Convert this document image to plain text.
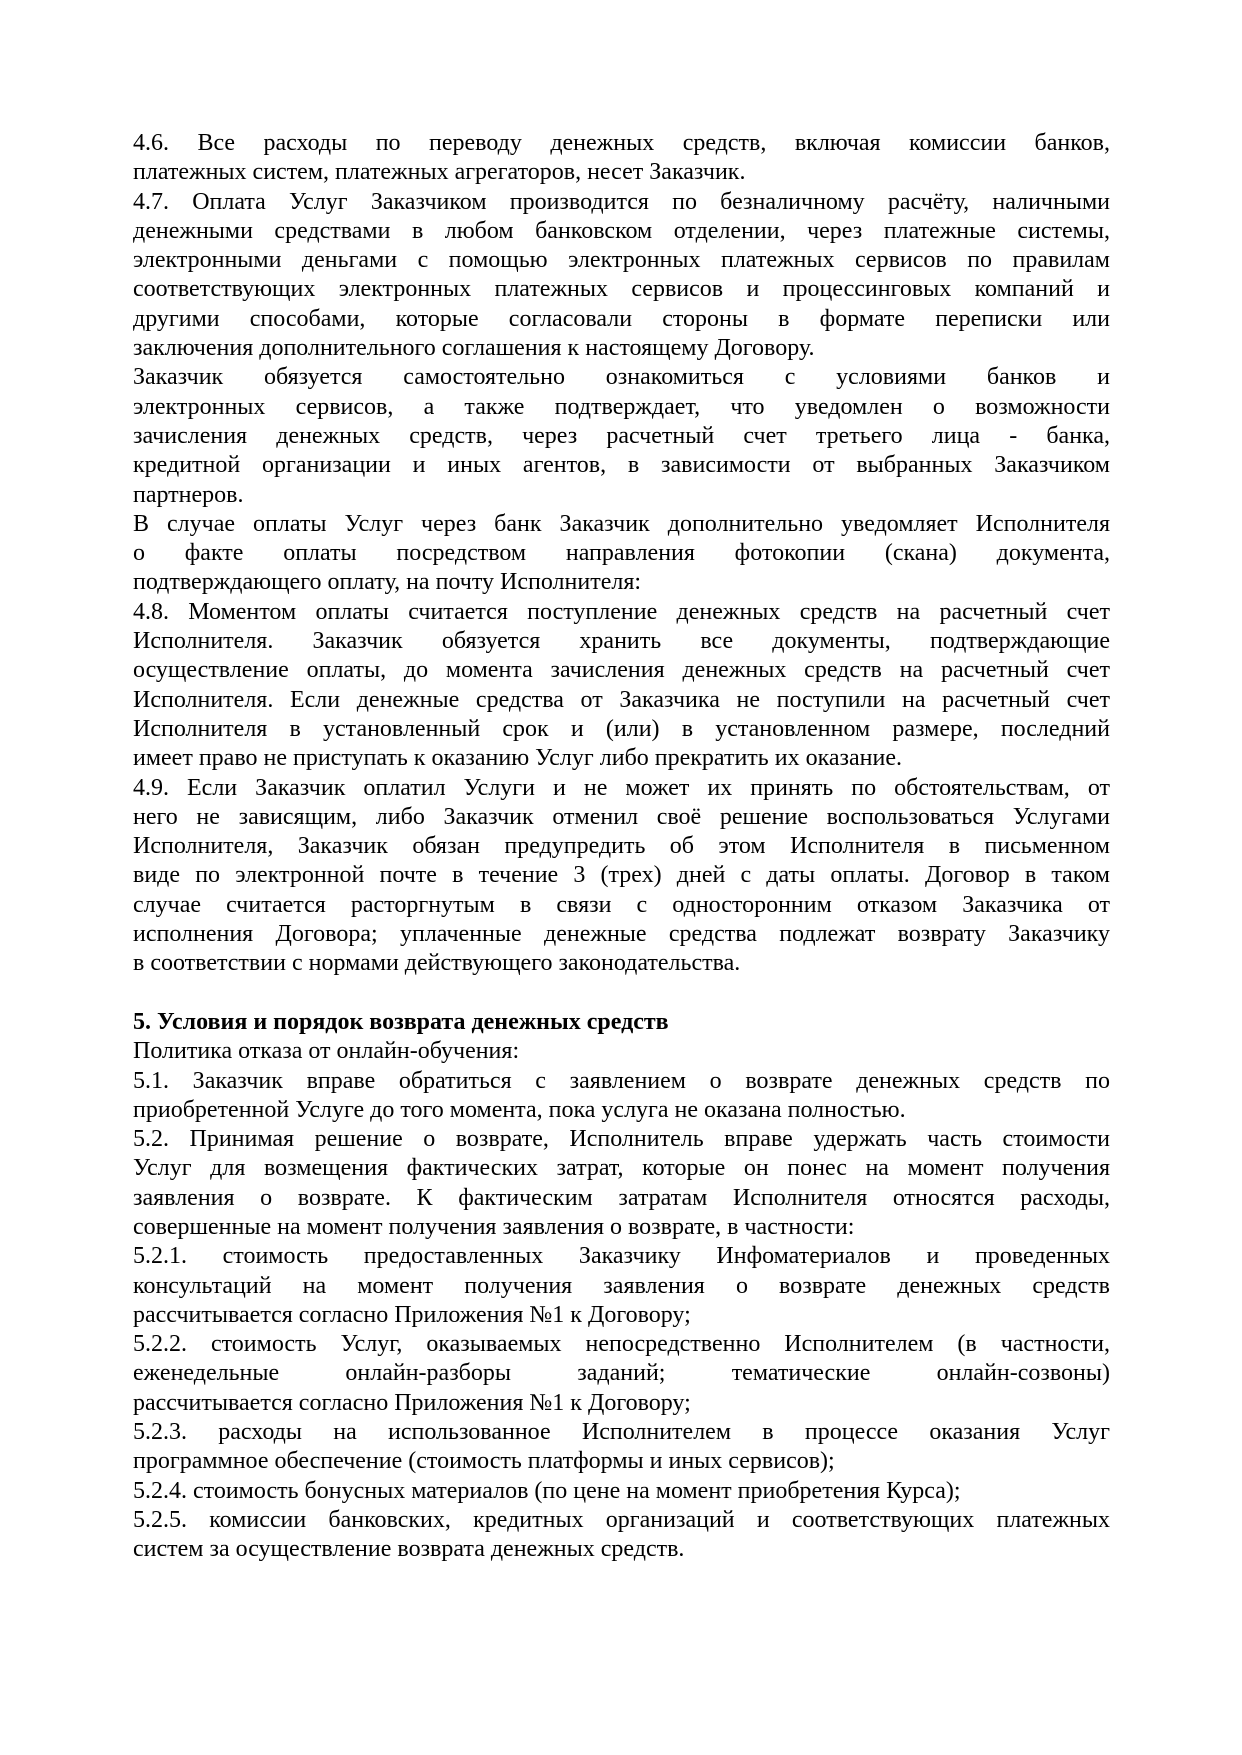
4.6. Все расходы по переводу денежных средств, включая комиссии банков,
платежных систем, платежных агрегаторов, несет Заказчик.
4.7. Оплата Услуг Заказчиком производится по безналичному расчёту, наличными
денежными средствами в любом банковском отделении, через платежные системы,
электронными деньгами с помощью электронных платежных сервисов по правилам
соответствующих электронных платежных сервисов и процессинговых компаний и
другими способами, которые согласовали стороны в формате переписки или
заключения дополнительного соглашения к настоящему Договору.
Заказчик обязуется самостоятельно ознакомиться с условиями банков и
электронных сервисов, а также подтверждает, что уведомлен о возможности
зачисления денежных средств, через расчетный счет третьего лица - банка,
кредитной организации и иных агентов, в зависимости от выбранных Заказчиком
партнеров.
В случае оплаты Услуг через банк Заказчик дополнительно уведомляет Исполнителя
о факте оплаты посредством направления фотокопии (скана) документа,
подтверждающего оплату, на почту Исполнителя:
4.8. Моментом оплаты считается поступление денежных средств на расчетный счет
Исполнителя. Заказчик обязуется хранить все документы, подтверждающие
осуществление оплаты, до момента зачисления денежных средств на расчетный счет
Исполнителя. Если денежные средства от Заказчика не поступили на расчетный счет
Исполнителя в установленный срок и (или) в установленном размере, последний
имеет право не приступать к оказанию Услуг либо прекратить их оказание.
4.9. Если Заказчик оплатил Услуги и не может их принять по обстоятельствам, от
него не зависящим, либо Заказчик отменил своё решение воспользоваться Услугами
Исполнителя, Заказчик обязан предупредить об этом Исполнителя в письменном
виде по электронной почте в течение 3 (трех) дней с даты оплаты. Договор в таком
случае считается расторгнутым в связи с односторонним отказом Заказчика от
исполнения Договора; уплаченные денежные средства подлежат возврату Заказчику
в соответствии с нормами действующего законодательства.
5. Условия и порядок возврата денежных средств
Политика отказа от онлайн-обучения:
5.1. Заказчик вправе обратиться с заявлением о возврате денежных средств по
приобретенной Услуге до того момента, пока услуга не оказана полностью.
5.2. Принимая решение о возврате, Исполнитель вправе удержать часть стоимости
Услуг для возмещения фактических затрат, которые он понес на момент получения
заявления о возврате. К фактическим затратам Исполнителя относятся расходы,
совершенные на момент получения заявления о возврате, в частности:
5.2.1. стоимость предоставленных Заказчику Инфоматериалов и проведенных
консультаций на момент получения заявления о возврате денежных средств
рассчитывается согласно Приложения №1 к Договору;
5.2.2. стоимость Услуг, оказываемых непосредственно Исполнителем (в частности,
еженедельные онлайн-разборы заданий; тематические онлайн-созвоны)
рассчитывается согласно Приложения №1 к Договору;
5.2.3. расходы на использованное Исполнителем в процессе оказания Услуг
программное обеспечение (стоимость платформы и иных сервисов);
5.2.4. стоимость бонусных материалов (по цене на момент приобретения Курса);
5.2.5. комиссии банковских, кредитных организаций и соответствующих платежных
систем за осуществление возврата денежных средств.
